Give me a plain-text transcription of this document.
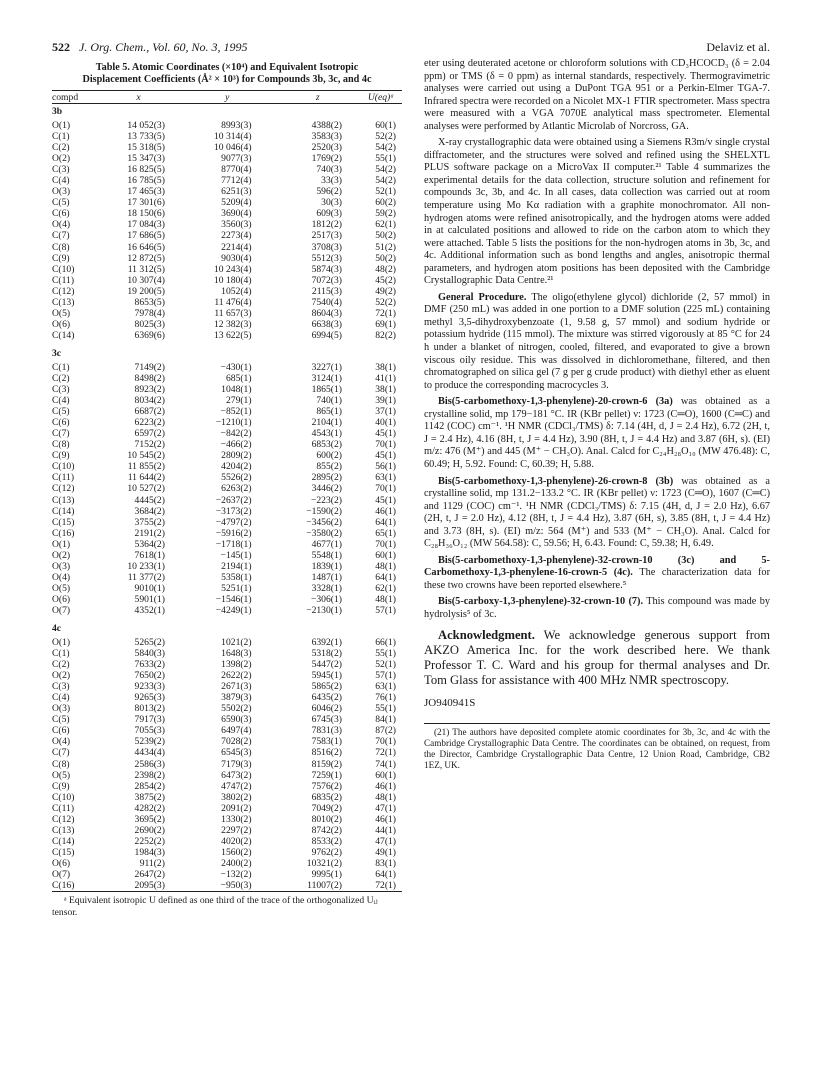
522 J. Org. Chem., Vol. 60, No. 3, 1995	Delaviz et al.
Table 5. Atomic Coordinates (×10⁴) and Equivalent Isotropic Displacement Coefficients (Å² × 10³) for Compounds 3b, 3c, and 4c
compd	x	y	z	U(eq)ᵃ
3b				
O(1)	14 052(3)	8993(3)	4388(2)	60(1)
C(1)	13 733(5)	10 314(4)	3583(3)	52(2)
C(2)	15 318(5)	10 046(4)	2520(3)	54(2)
O(2)	15 347(3)	9077(3)	1769(2)	55(1)
C(3)	16 825(5)	8770(4)	740(3)	54(2)
C(4)	16 785(5)	7712(4)	33(3)	54(2)
O(3)	17 465(3)	6251(3)	596(2)	52(1)
C(5)	17 301(6)	5209(4)	30(3)	60(2)
C(6)	18 150(6)	3690(4)	609(3)	59(2)
O(4)	17 084(3)	3560(3)	1812(2)	62(1)
C(7)	17 686(5)	2273(4)	2517(3)	50(2)
C(8)	16 646(5)	2214(4)	3708(3)	51(2)
C(9)	12 872(5)	9030(4)	5512(3)	50(2)
C(10)	11 312(5)	10 243(4)	5874(3)	48(2)
C(11)	10 307(4)	10 180(4)	7072(3)	45(2)
C(12)	19 200(5)	1052(4)	2115(3)	49(2)
C(13)	8653(5)	11 476(4)	7540(4)	52(2)
O(5)	7978(4)	11 657(3)	8604(3)	72(1)
O(6)	8025(3)	12 382(3)	6638(3)	69(1)
C(14)	6369(6)	13 622(5)	6994(5)	82(2)

3c				
C(1)	7149(2)	−430(1)	3227(1)	38(1)
C(2)	8498(2)	685(1)	3124(1)	41(1)
C(3)	8923(2)	1048(1)	1865(1)	38(1)
C(4)	8034(2)	279(1)	740(1)	39(1)
C(5)	6687(2)	−852(1)	865(1)	37(1)
C(6)	6223(2)	−1210(1)	2104(1)	40(1)
C(7)	6597(2)	−842(2)	4543(1)	45(1)
C(8)	7152(2)	−466(2)	6853(2)	70(1)
C(9)	10 545(2)	2809(2)	600(2)	45(1)
C(10)	11 855(2)	4204(2)	855(2)	56(1)
C(11)	11 644(2)	5526(2)	2895(2)	63(1)
C(12)	10 527(2)	6263(2)	3446(2)	70(1)
C(13)	4445(2)	−2637(2)	−223(2)	45(1)
C(14)	3684(2)	−3173(2)	−1590(2)	46(1)
C(15)	3755(2)	−4797(2)	−3456(2)	64(1)
C(16)	2191(2)	−5916(2)	−3580(2)	65(1)
O(1)	5364(2)	−1718(1)	4677(1)	70(1)
O(2)	7618(1)	−145(1)	5548(1)	60(1)
O(3)	10 233(1)	2194(1)	1839(1)	48(1)
O(4)	11 377(2)	5358(1)	1487(1)	64(1)
O(5)	9010(1)	5251(1)	3328(1)	62(1)
O(6)	5901(1)	−1546(1)	−306(1)	48(1)
O(7)	4352(1)	−4249(1)	−2130(1)	57(1)

4c				
O(1)	5265(2)	1021(2)	6392(1)	66(1)
C(1)	5840(3)	1648(3)	5318(2)	55(1)
C(2)	7633(2)	1398(2)	5447(2)	52(1)
O(2)	7650(2)	2622(2)	5945(1)	57(1)
C(3)	9233(3)	2671(3)	5865(2)	63(1)
C(4)	9265(3)	3879(3)	6435(2)	76(1)
O(3)	8013(2)	5502(2)	6046(2)	55(1)
C(5)	7917(3)	6590(3)	6745(3)	84(1)
C(6)	7055(3)	6497(4)	7831(3)	87(2)
O(4)	5239(2)	7028(2)	7583(1)	70(1)
C(7)	4434(4)	6545(3)	8516(2)	72(1)
C(8)	2586(3)	7179(3)	8159(2)	74(1)
O(5)	2398(2)	6473(2)	7259(1)	60(1)
C(9)	2854(2)	4747(2)	7576(2)	46(1)
C(10)	3875(2)	3802(2)	6835(2)	48(1)
C(11)	4282(2)	2091(2)	7049(2)	47(1)
C(12)	3695(2)	1330(2)	8010(2)	46(1)
C(13)	2690(2)	2297(2)	8742(2)	44(1)
C(14)	2252(2)	4020(2)	8533(2)	47(1)
C(15)	1984(3)	1560(2)	9762(2)	49(1)
O(6)	911(2)	2400(2)	10321(2)	83(1)
O(7)	2647(2)	−132(2)	9995(1)	64(1)
C(16)	2095(3)	−950(3)	11007(2)	72(1)
ᵃ Equivalent isotropic U defined as one third of the trace of the orthogonalized Uᵢⱼ tensor.

eter using deuterated acetone or chloroform solutions with CD₃HCOCD₃ (δ = 2.04 ppm) or TMS (δ = 0 ppm) as internal standards, respectively. Thermogravimetric analyses were carried out using a DuPont TGA 951 or a Perkin-Elmer TGA-7. Infrared spectra were recorded on a Nicolet MX-1 FTIR spectrometer. Mass spectra were measured with a VGA 7070E analytical mass spectrometer. Elemental analyses were performed by Atlantic Microlab of Norcross, GA.

X-ray crystallographic data were obtained using a Siemens R3m/v single crystal diffractometer, and the structures were solved and refined using the SHELXTL PLUS software package on a MicroVax II computer.²¹ Table 4 summarizes the experimental details for the data collection, structure solution and refinement for compounds 3c, 3b, and 4c. In all cases, data collection was carried out at room temperature using Mo Kα radiation with a graphite monochromator. All non-hydrogen atoms were refined anisotropically, and the hydrogen atoms were added in at calculated positions and allowed to ride on the carbon atom to which they were attached. Table 5 lists the positions for the non-hydrogen atoms in 3b, 3c, and 4c. Additional information such as bond lengths and angles, anisotropic thermal parameters, and hydrogen atom positions has been deposited with the Cambridge Crystallographic Data Centre.²¹

General Procedure. The oligo(ethylene glycol) dichloride (2, 57 mmol) in DMF (250 mL) was added in one portion to a DMF solution (225 mL) containing methyl 3,5-dihydroxybenzoate (1, 9.58 g, 57 mmol) and sodium hydride or potassium hydride (115 mmol). The mixture was stirred vigorously at 85 °C for 24 h under a blanket of nitrogen, cooled, filtered, and evaporated to give a brown viscous oily residue. This was dissolved in dichloromethane, filtered, and then chromatographed on silica gel (7 g per g crude product) with diethyl ether as eluent to produce the corresponding macrocycles 3.

Bis(5-carbomethoxy-1,3-phenylene)-20-crown-6 (3a) was obtained as a crystalline solid, mp 179−181 °C. IR (KBr pellet) ν: 1723 (C═O), 1600 (C═C) and 1142 (COC) cm⁻¹. ¹H NMR (CDCl₃/TMS) δ: 7.14 (4H, d, J = 2.4 Hz), 6.72 (2H, t, J = 2.4 Hz), 4.16 (8H, t, J = 4.4 Hz), 3.90 (8H, t, J = 4.4 Hz) and 3.87 (6H, s). (EI) m/z: 476 (M⁺) and 445 (M⁺ − CH₃O). Anal. Calcd for C₂₄H₂₈O₁₀ (MW 476.48): C, 60.49; H, 5.92. Found: C, 60.39; H, 5.88.

Bis(5-carbomethoxy-1,3-phenylene)-26-crown-8 (3b) was obtained as a crystalline solid, mp 131.2−133.2 °C. IR (KBr pellet) ν: 1723 (C═O), 1607 (C═C) and 1129 (COC) cm⁻¹. ¹H NMR (CDCl₃/TMS) δ: 7.15 (4H, d, J = 2.0 Hz), 6.67 (2H, t, J = 2.0 Hz), 4.12 (8H, t, J = 4.4 Hz), 3.87 (6H, s), 3.85 (8H, t, J = 4.4 Hz) and 3.73 (8H, s). (EI) m/z: 564 (M⁺) and 533 (M⁺ − CH₃O). Anal. Calcd for C₂₈H₃₆O₁₂ (MW 564.58): C, 59.56; H, 6.43. Found: C, 59.38; H, 6.49.

Bis(5-carbomethoxy-1,3-phenylene)-32-crown-10 (3c) and 5-Carbomethoxy-1,3-phenylene-16-crown-5 (4c). The characterization data for these two crowns have been reported elsewhere.⁵

Bis(5-carboxy-1,3-phenylene)-32-crown-10 (7). This compound was made by hydrolysis⁵ of 3c.

Acknowledgment. We acknowledge generous support from AKZO America Inc. for the work described here. We thank Professor T. C. Ward and his group for thermal analyses and Dr. Tom Glass for assistance with 400 MHz NMR spectroscopy.
JO940941S
(21) The authors have deposited complete atomic coordinates for 3b, 3c, and 4c with the Cambridge Crystallographic Data Centre. The coordinates can be obtained, on request, from the Director, Cambridge Crystallographic Data Centre, 12 Union Road, Cambridge, CB2 1EZ, UK.
